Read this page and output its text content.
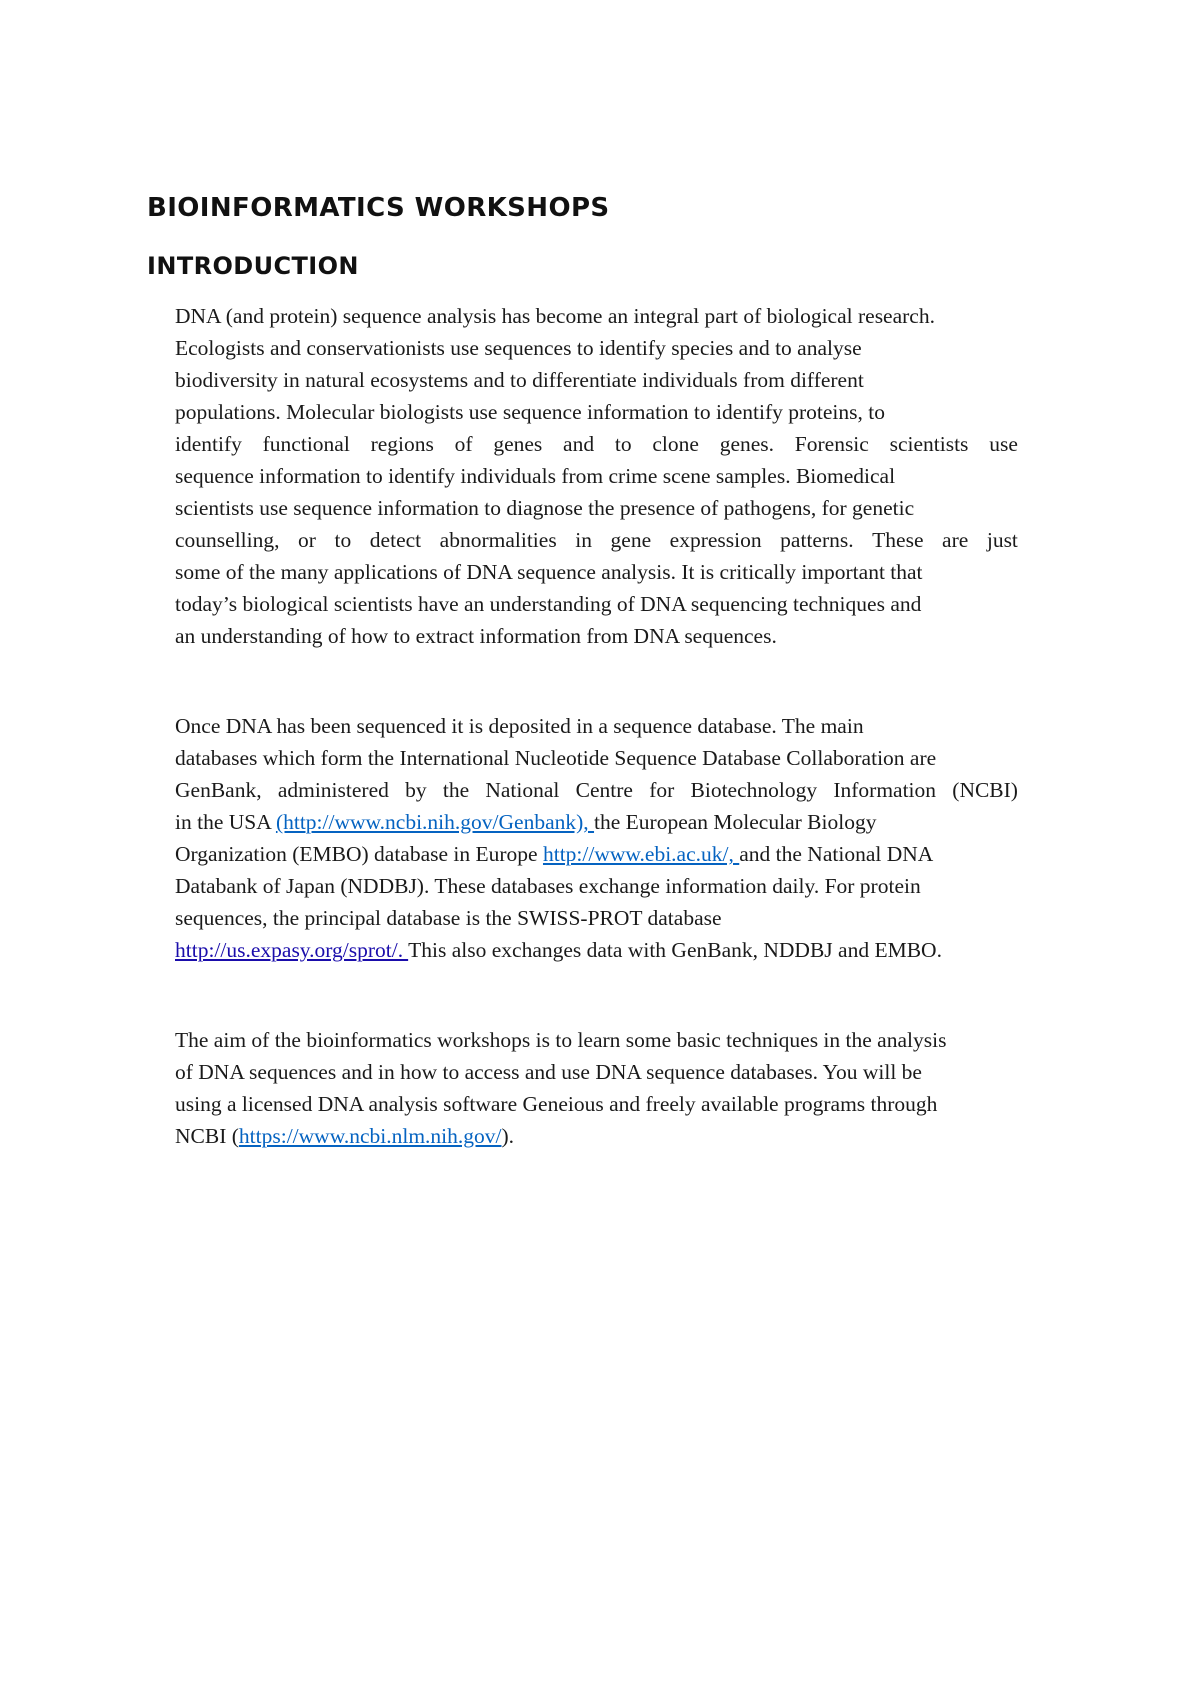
BIOINFORMATICS WORKSHOPS
INTRODUCTION
DNA (and protein) sequence analysis has become an integral part of biological research.
Ecologists and conservationists use sequences to identify species and to analyse
biodiversity in natural ecosystems and to differentiate individuals from different
populations. Molecular biologists use sequence information to identify proteins, to
identify functional regions of genes and to clone genes. Forensic scientists use
sequence information to identify individuals from crime scene samples. Biomedical
scientists use sequence information to diagnose the presence of pathogens, for genetic
counselling, or to detect abnormalities in gene expression patterns. These are just
some of the many applications of DNA sequence analysis. It is critically important that
today’s biological scientists have an understanding of DNA sequencing techniques and
an understanding of how to extract information from DNA sequences.
Once DNA has been sequenced it is deposited in a sequence database. The main
databases which form the International Nucleotide Sequence Database Collaboration are
GenBank, administered by the National Centre for Biotechnology Information (NCBI)
in the USA (http://www.ncbi.nih.gov/Genbank), the European Molecular Biology
Organization (EMBO) database in Europe http://www.ebi.ac.uk/, and the National DNA
Databank of Japan (NDDBJ). These databases exchange information daily. For protein
sequences, the principal database is the SWISS-PROT database
http://us.expasy.org/sprot/. This also exchanges data with GenBank, NDDBJ and EMBO.
The aim of the bioinformatics workshops is to learn some basic techniques in the analysis
of DNA sequences and in how to access and use DNA sequence databases. You will be
using a licensed DNA analysis software Geneious and freely available programs through
NCBI (https://www.ncbi.nlm.nih.gov/).
